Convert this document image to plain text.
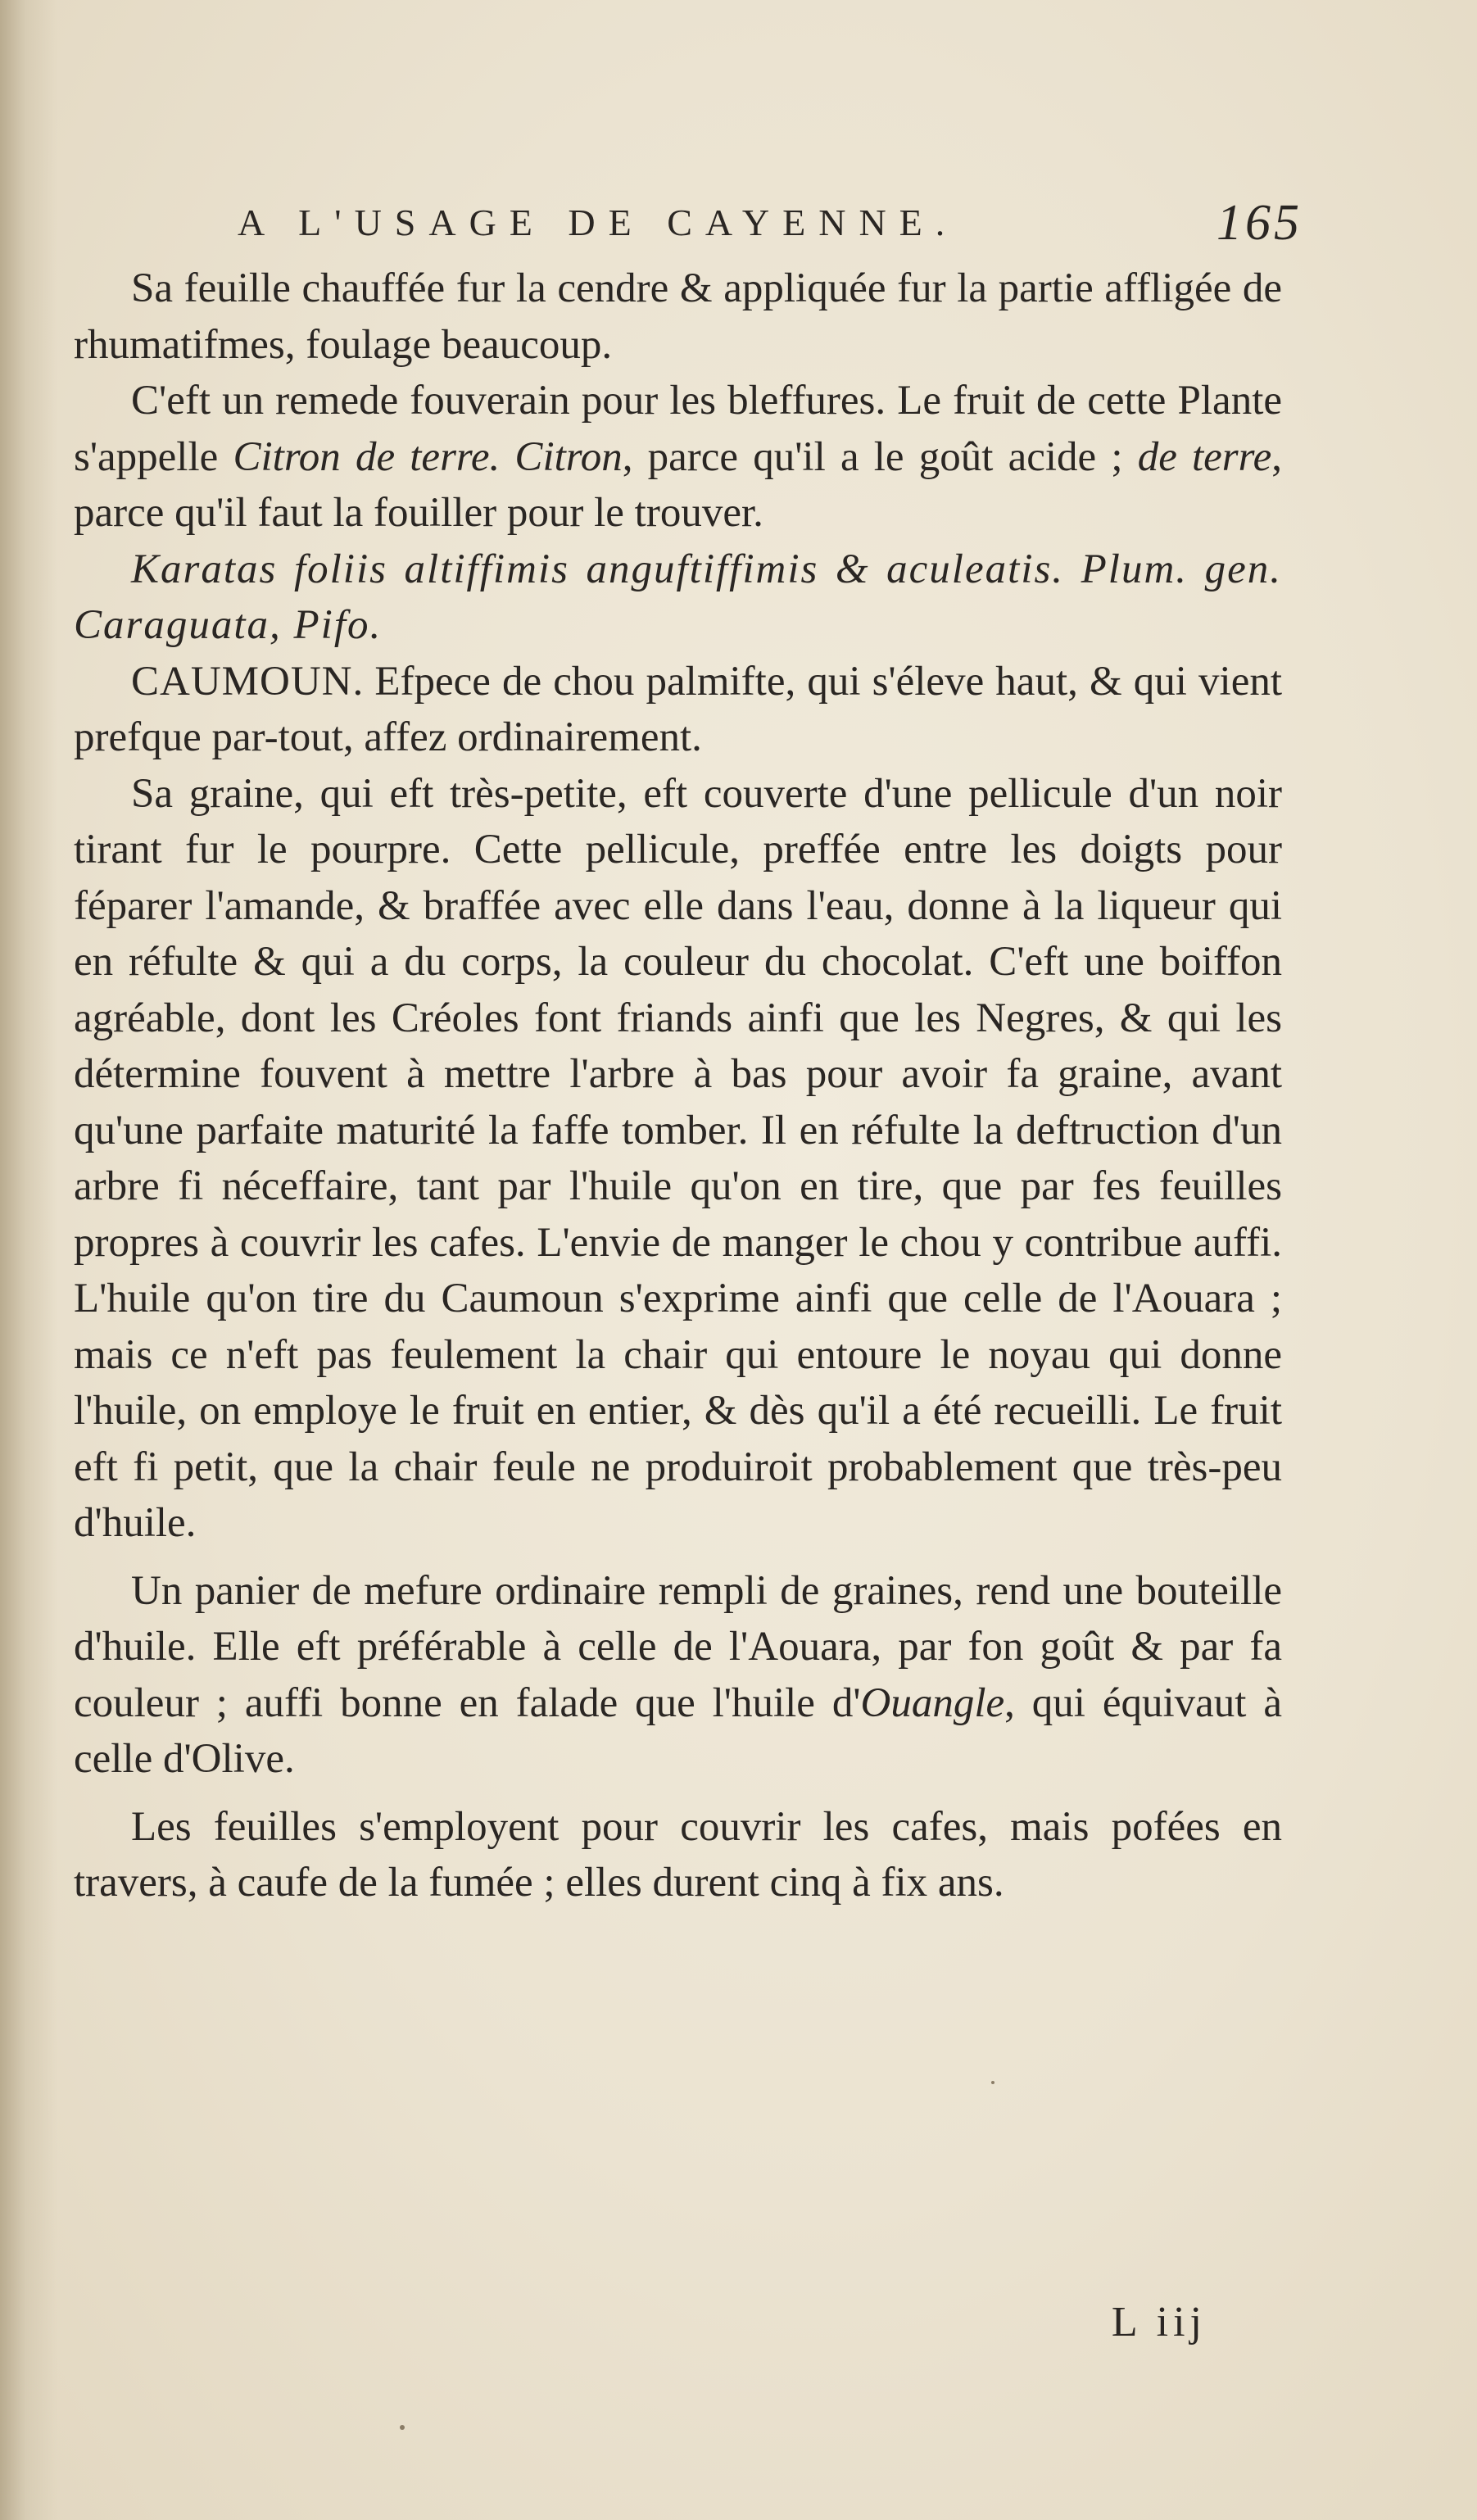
A L'USAGE DE CAYENNE.	165

Sa feuille chauffée fur la cendre & appliquée fur la partie affligée de rhumatifmes, foulage beaucoup.

C'eft un remede fouverain pour les bleffures. Le fruit de cette Plante s'appelle Citron de terre. Citron, parce qu'il a le goût acide ; de terre, parce qu'il faut la fouiller pour le trouver.

Karatas foliis altiffimis anguftiffimis & aculeatis. Plum. gen. Caraguata, Pifo.

CAUMOUN. Efpece de chou palmifte, qui s'éleve haut, & qui vient prefque par-tout, affez ordinairement.

Sa graine, qui eft très-petite, eft couverte d'une pellicule d'un noir tirant fur le pourpre. Cette pellicule, preffée entre les doigts pour féparer l'amande, & braffée avec elle dans l'eau, donne à la liqueur qui en réfulte & qui a du corps, la couleur du chocolat. C'eft une boiffon agréable, dont les Créoles font friands ainfi que les Negres, & qui les détermine fouvent à mettre l'arbre à bas pour avoir fa graine, avant qu'une parfaite maturité la faffe tomber. Il en réfulte la deftruction d'un arbre fi néceffaire, tant par l'huile qu'on en tire, que par fes feuilles propres à couvrir les cafes. L'envie de manger le chou y contribue auffi. L'huile qu'on tire du Caumoun s'exprime ainfi que celle de l'Aouara ; mais ce n'eft pas feulement la chair qui entoure le noyau qui donne l'huile, on employe le fruit en entier, & dès qu'il a été recueilli. Le fruit eft fi petit, que la chair feule ne produiroit probablement que très-peu d'huile.

Un panier de mefure ordinaire rempli de graines, rend une bouteille d'huile. Elle eft préférable à celle de l'Aouara, par fon goût & par fa couleur ; auffi bonne en falade que l'huile d'Ouangle, qui équivaut à celle d'Olive.

Les feuilles s'employent pour couvrir les cafes, mais pofées en travers, à caufe de la fumée ; elles durent cinq à fix ans.

L iij
